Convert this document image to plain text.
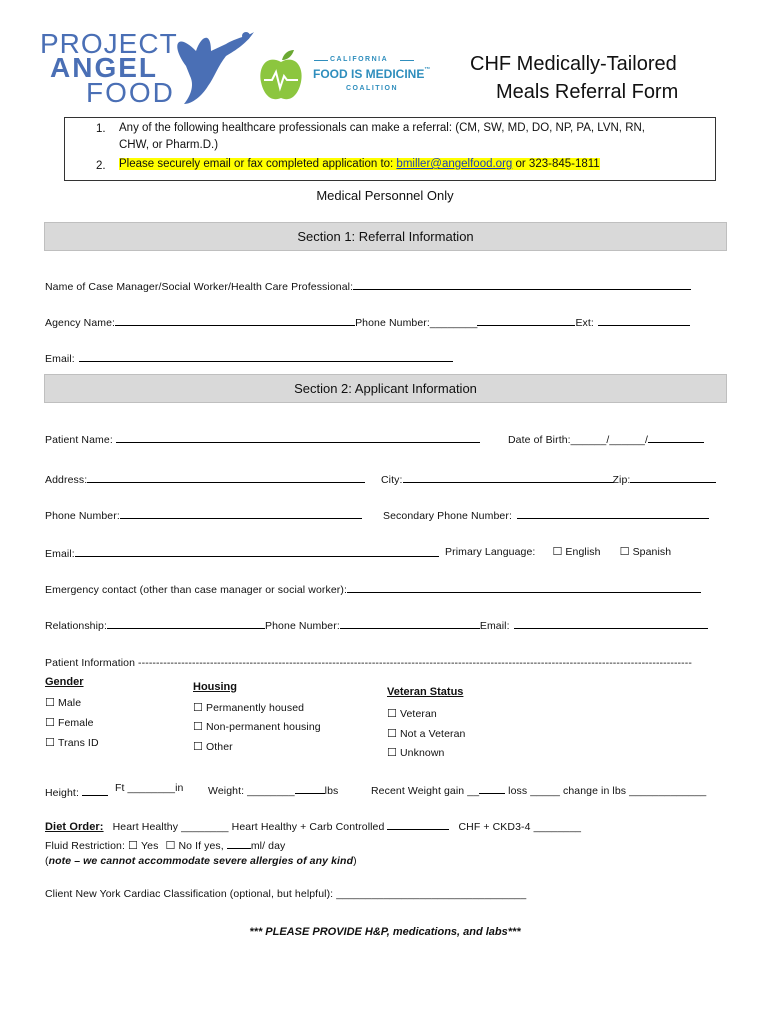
PROJECT
ANGEL
FOOD
CALIFORNIA
FOOD IS MEDICINE™
COALITION
CHF Medically-Tailored
Meals Referral Form
1. Any of the following healthcare professionals can make a referral: (CM, SW, MD, DO, NP, PA, LVN, RN,
CHW, or Pharm.D.)
2. Please securely email or fax completed application to: bmiller@angelfood.org or 323-845-1811
Medical Personnel Only
Section 1: Referral Information
Name of Case Manager/Social Worker/Health Care Professional:
Agency Name:	Phone Number:________	Ext:
Email:
Section 2: Applicant Information
Patient Name:	Date of Birth:______/______/
Address:	City:	Zip:
Phone Number:	Secondary Phone Number:
Email:	Primary Language: ☐	English ☐	Spanish
Emergency contact (other than case manager or social worker):
Relationship:	Phone Number:	Email:
Patient Information ----------------------------------------------------------------------------------------------------------------------------------------------------------
Gender
☐ Male
☐ Female
☐ Trans ID
Housing
☐ Permanently housed
☐ Non-permanent housing
☐ Other
Veteran Status
☐ Veteran
☐ Not a Veteran
☐ Unknown
Height:	Ft ________in Weight: ________	lbs	Recent Weight gain __ loss _____ change in lbs _____________
Diet Order: Heart Healthy ________ Heart Healthy + Carb Controlled	CHF + CKD3-4 ________
Fluid Restriction: ☐ Yes ☐ No If yes, ml/ day
(note – we cannot accommodate severe allergies of any kind)
Client New York Cardiac Classification (optional, but helpful): ________________________________
*** PLEASE PROVIDE H&P, medications, and labs***
